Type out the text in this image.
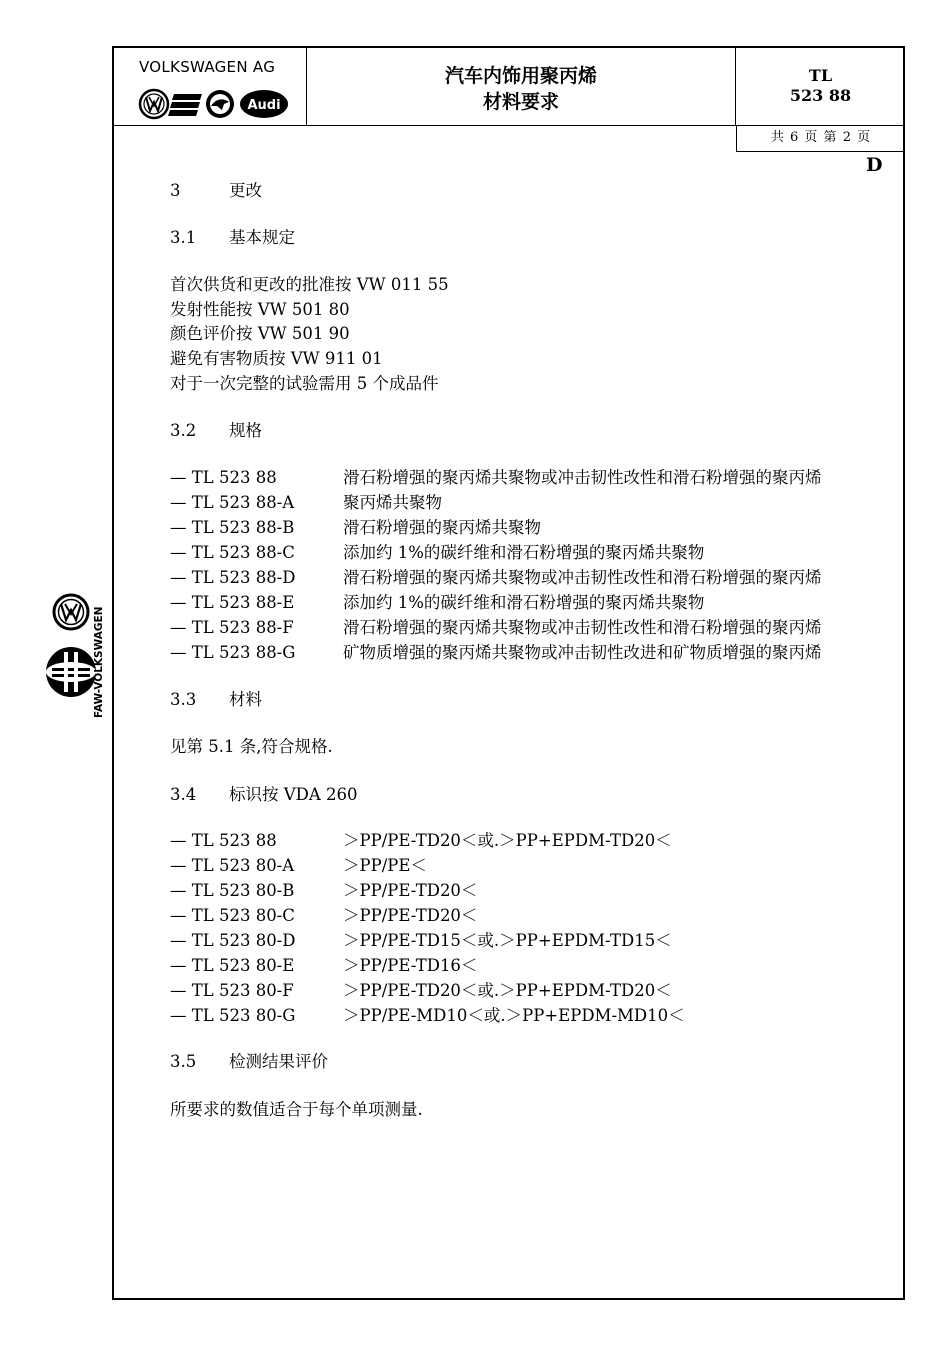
FAW-VOLKSWAGEN
VOLKSWAGEN AG
Audi
汽车内饰用聚丙烯
材料要求
TL
523 88
共 6 页 第 2 页
D
3	更改
3.1 基本规定
首次供货和更改的批准按 VW 011 55
发射性能按 VW 501 80
颜色评价按 VW 501 90
避免有害物质按 VW 911 01
对于一次完整的试验需用 5 个成品件
3.2 规格
— TL 523 88	滑石粉增强的聚丙烯共聚物或冲击韧性改性和滑石粉增强的聚丙烯
— TL 523 88-A	聚丙烯共聚物
— TL 523 88-B	滑石粉增强的聚丙烯共聚物
— TL 523 88-C	添加约 1%的碳纤维和滑石粉增强的聚丙烯共聚物
— TL 523 88-D	滑石粉增强的聚丙烯共聚物或冲击韧性改性和滑石粉增强的聚丙烯
— TL 523 88-E	添加约 1%的碳纤维和滑石粉增强的聚丙烯共聚物
— TL 523 88-F	滑石粉增强的聚丙烯共聚物或冲击韧性改性和滑石粉增强的聚丙烯
— TL 523 88-G	矿物质增强的聚丙烯共聚物或冲击韧性改进和矿物质增强的聚丙烯
3.3 材料
见第 5.1 条,符合规格.
3.4 标识按 VDA 260
— TL 523 88	＞PP/PE-TD20＜或.＞PP+EPDM-TD20＜
— TL 523 80-A	＞PP/PE＜
— TL 523 80-B	＞PP/PE-TD20＜
— TL 523 80-C	＞PP/PE-TD20＜
— TL 523 80-D	＞PP/PE-TD15＜或.＞PP+EPDM-TD15＜
— TL 523 80-E	＞PP/PE-TD16＜
— TL 523 80-F	＞PP/PE-TD20＜或.＞PP+EPDM-TD20＜
— TL 523 80-G	＞PP/PE-MD10＜或.＞PP+EPDM-MD10＜
3.5 检测结果评价
所要求的数值适合于每个单项测量.
